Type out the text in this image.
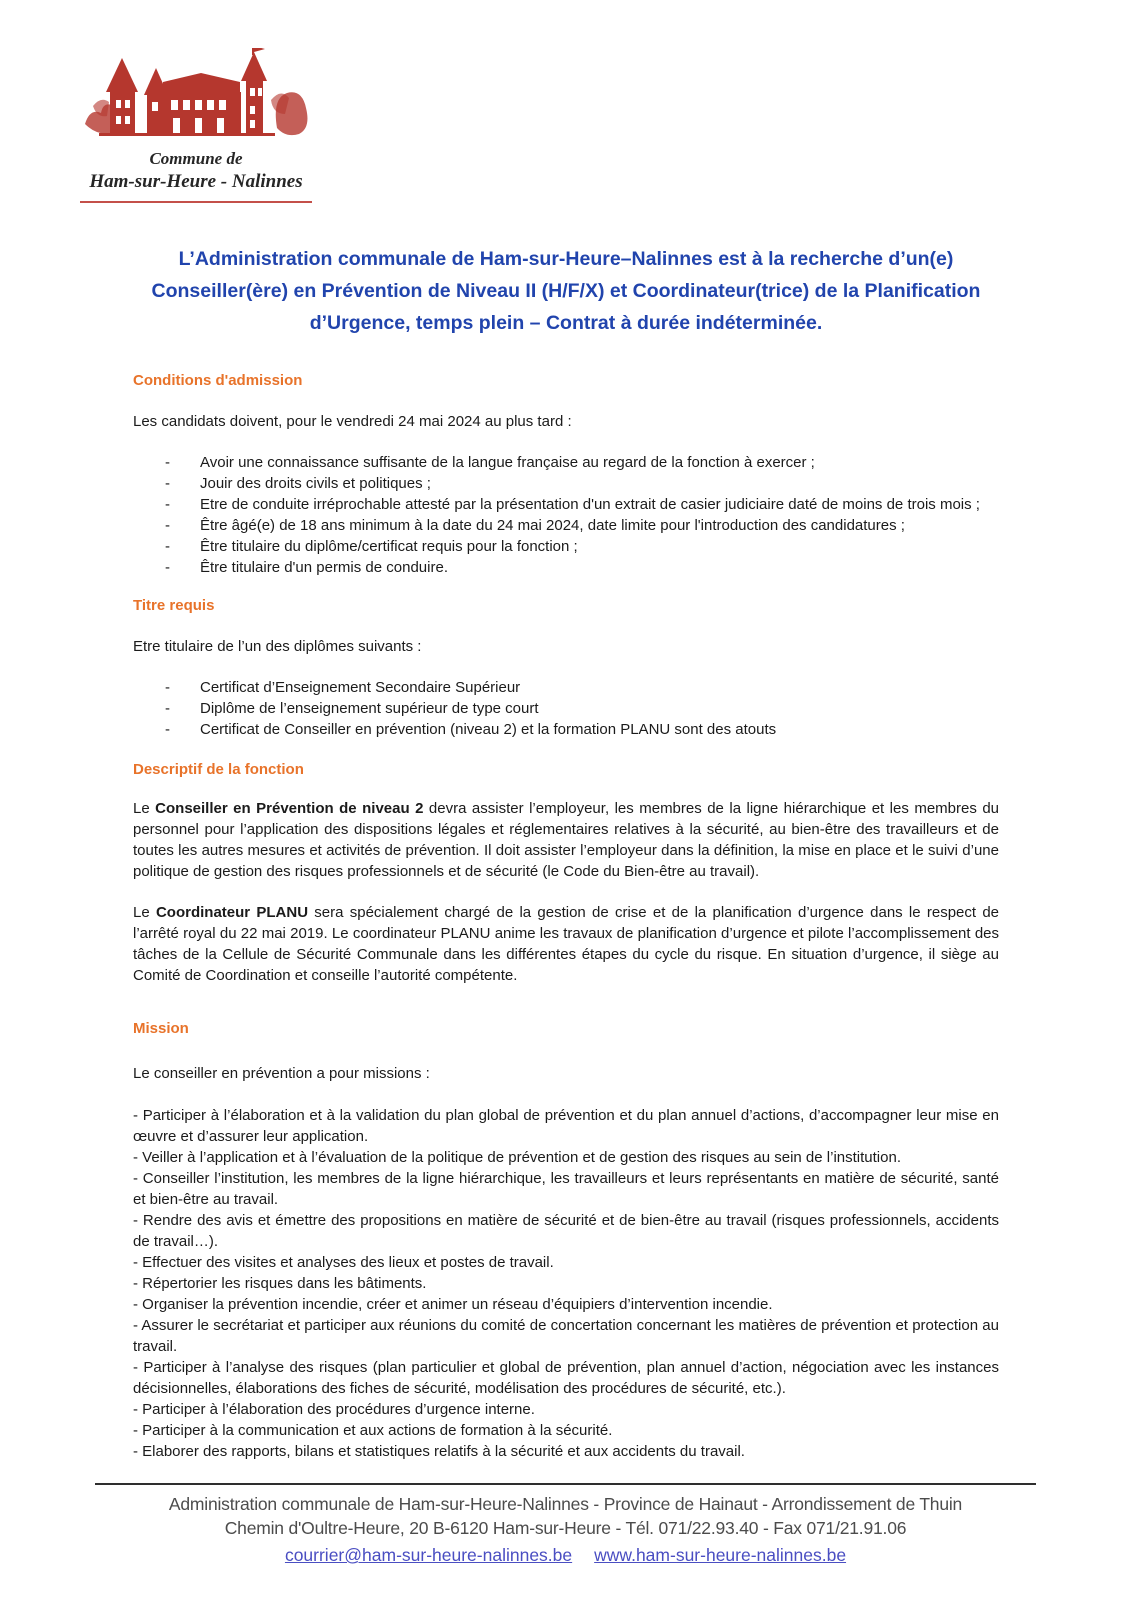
Commune de
Ham-sur-Heure - Nalinnes
L’Administration communale de Ham-sur-Heure–Nalinnes est à la recherche d’un(e) Conseiller(ère) en Prévention de Niveau II (H/F/X) et Coordinateur(trice) de la Planification d’Urgence, temps plein – Contrat à durée indéterminée.
Conditions d'admission
Les candidats doivent, pour le vendredi 24 mai 2024 au plus tard :
- Avoir une connaissance suffisante de la langue française au regard de la fonction à exercer ;
- Jouir des droits civils et politiques ;
- Etre de conduite irréprochable attesté par la présentation d'un extrait de casier judiciaire daté de moins de trois mois ;
- Être âgé(e) de 18 ans minimum à la date du 24 mai 2024, date limite pour l'introduction des candidatures ;
- Être titulaire du diplôme/certificat requis pour la fonction ;
- Être titulaire d'un permis de conduire.
Titre requis
Etre titulaire de l’un des diplômes suivants :
- Certificat d’Enseignement Secondaire Supérieur
- Diplôme de l’enseignement supérieur de type court
- Certificat de Conseiller en prévention (niveau 2) et la formation PLANU sont des atouts
Descriptif de la fonction

Le Conseiller en Prévention de niveau 2 devra assister l’employeur, les membres de la ligne hiérarchique et les membres du personnel pour l’application des dispositions légales et réglementaires relatives à la sécurité, au bien-être des travailleurs et de toutes les autres mesures et activités de prévention. Il doit assister l’employeur dans la définition, la mise en place et le suivi d’une politique de gestion des risques professionnels et de sécurité (le Code du Bien-être au travail).

Le Coordinateur PLANU sera spécialement chargé de la gestion de crise et de la planification d’urgence dans le respect de l’arrêté royal du 22 mai 2019. Le coordinateur PLANU anime les travaux de planification d’urgence et pilote l’accomplissement des tâches de la Cellule de Sécurité Communale dans les différentes étapes du cycle du risque. En situation d’urgence, il siège au Comité de Coordination et conseille l’autorité compétente.

Mission
Le conseiller en prévention a pour missions :
- Participer à l’élaboration et à la validation du plan global de prévention et du plan annuel d’actions, d’accompagner leur mise en œuvre et d’assurer leur application.
- Veiller à l’application et à l’évaluation de la politique de prévention et de gestion des risques au sein de l’institution.
- Conseiller l’institution, les membres de la ligne hiérarchique, les travailleurs et leurs représentants en matière de sécurité, santé et bien-être au travail.
- Rendre des avis et émettre des propositions en matière de sécurité et de bien-être au travail (risques professionnels, accidents de travail…).
- Effectuer des visites et analyses des lieux et postes de travail.
- Répertorier les risques dans les bâtiments.
- Organiser la prévention incendie, créer et animer un réseau d’équipiers d’intervention incendie.
- Assurer le secrétariat et participer aux réunions du comité de concertation concernant les matières de prévention et protection au travail.
- Participer à l’analyse des risques (plan particulier et global de prévention, plan annuel d’action, négociation avec les instances décisionnelles, élaborations des fiches de sécurité, modélisation des procédures de sécurité, etc.).
- Participer à l’élaboration des procédures d’urgence interne.
- Participer à la communication et aux actions de formation à la sécurité.
- Elaborer des rapports, bilans et statistiques relatifs à la sécurité et aux accidents du travail.
Administration communale de Ham-sur-Heure-Nalinnes - Province de Hainaut - Arrondissement de Thuin
Chemin d'Oultre-Heure, 20 B-6120 Ham-sur-Heure - Tél. 071/22.93.40 - Fax 071/21.91.06
courrier@ham-sur-heure-nalinnes.be www.ham-sur-heure-nalinnes.be
